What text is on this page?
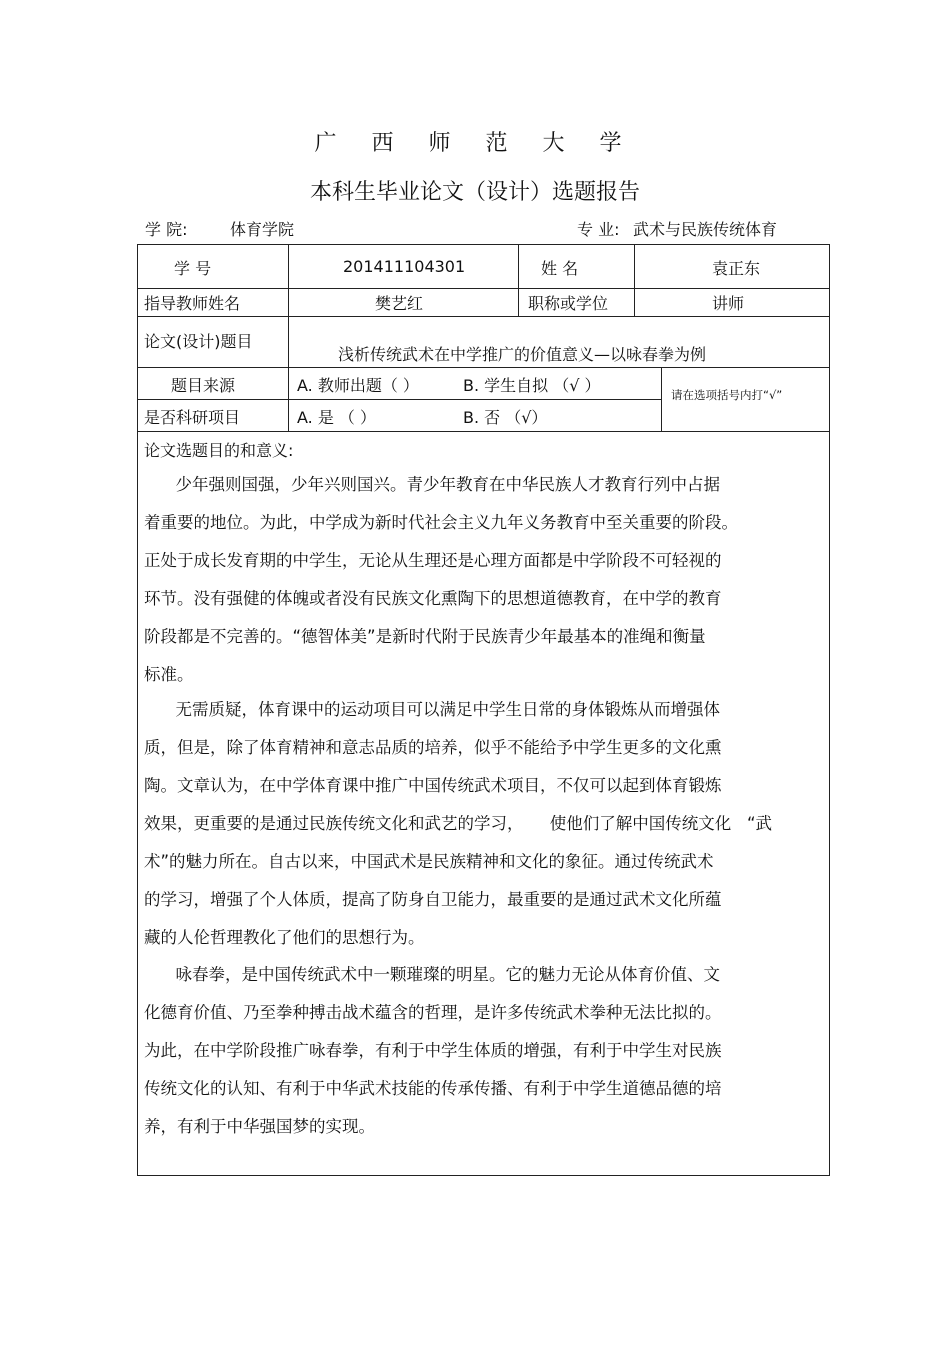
广 西 师 范 大 学
本科生毕业论文（设计）选题报告
学 院:	体育学院	专 业: 武术与民族传统体育
学 号	201411104301	姓 名	袁正东
指导教师姓名	樊艺红	职称或学位	讲师
论文(设计)题目
浅析传统武术在中学推广的价值意义—以咏春拳为例
题目来源	A. 教师出题（ ）	B. 学生自拟 （√ ）
是否科研项目	A. 是 （ ）	B. 否 （√）
请在选项括号内打“√”
论文选题目的和意义:
少年强则国强，少年兴则国兴。青少年教育在中华民族人才教育行列中占据
着重要的地位。为此，中学成为新时代社会主义九年义务教育中至关重要的阶段。
正处于成长发育期的中学生，无论从生理还是心理方面都是中学阶段不可轻视的
环节。没有强健的体魄或者没有民族文化熏陶下的思想道德教育，在中学的教育
阶段都是不完善的。“德智体美”是新时代附于民族青少年最基本的准绳和衡量
标准。
无需质疑，体育课中的运动项目可以满足中学生日常的身体锻炼从而增强体
质，但是，除了体育精神和意志品质的培养，似乎不能给予中学生更多的文化熏
陶。文章认为，在中学体育课中推广中国传统武术项目，不仅可以起到体育锻炼
效果，更重要的是通过民族传统文化和武艺的学习，     使他们了解中国传统文化   “武
术”的魅力所在。自古以来，中国武术是民族精神和文化的象征。通过传统武术
的学习，增强了个人体质，提高了防身自卫能力，最重要的是通过武术文化所蕴
藏的人伦哲理教化了他们的思想行为。
咏春拳，是中国传统武术中一颗璀璨的明星。它的魅力无论从体育价值、文
化德育价值、乃至拳种搏击战术蕴含的哲理，是许多传统武术拳种无法比拟的。
为此，在中学阶段推广咏春拳，有利于中学生体质的增强，有利于中学生对民族
传统文化的认知、有利于中华武术技能的传承传播、有利于中学生道德品德的培
养，有利于中华强国梦的实现。
